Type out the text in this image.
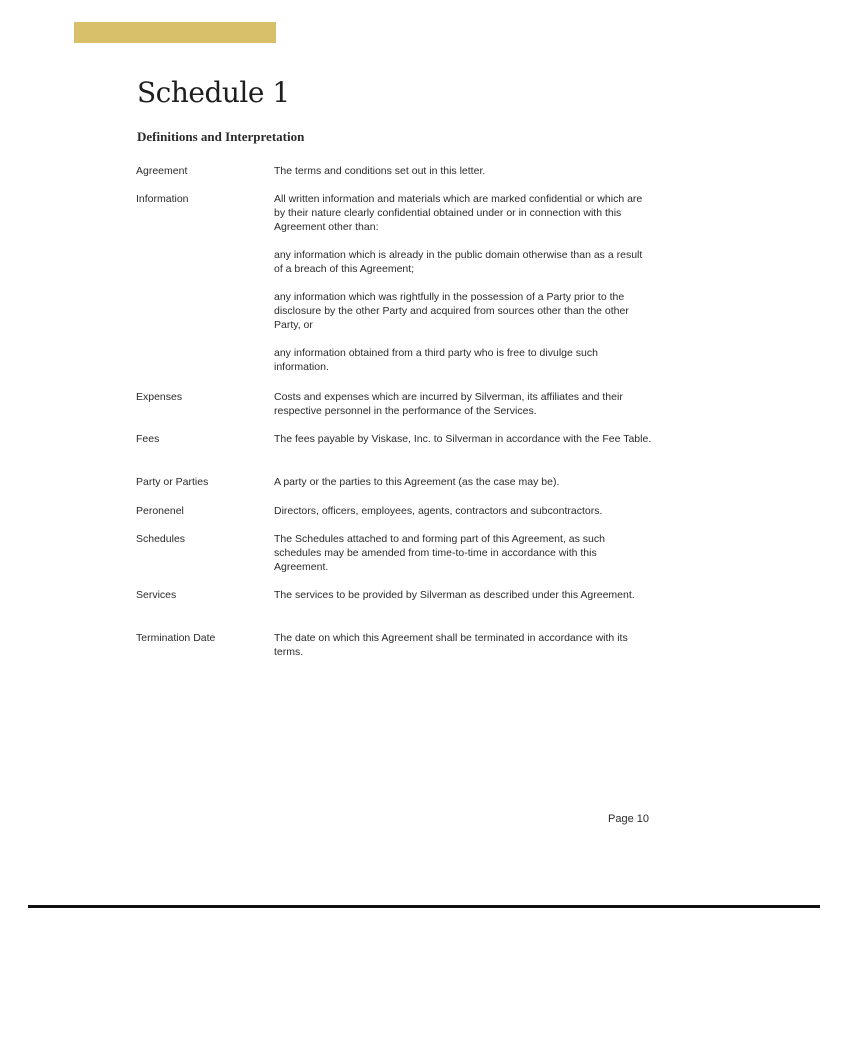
Schedule 1
Definitions and Interpretation
Agreement	The terms and conditions set out in this letter.

Information	All written information and materials which are marked confidential or which are by their nature clearly confidential obtained under or in connection with this Agreement other than:

any information which is already in the public domain otherwise than as a result of a breach of this Agreement;

any information which was rightfully in the possession of a Party prior to the disclosure by the other Party and acquired from sources other than the other Party, or

any information obtained from a third party who is free to divulge such information.

Expenses	Costs and expenses which are incurred by Silverman, its affiliates and their respective personnel in the performance of the Services.

Fees	The fees payable by Viskase, Inc. to Silverman in accordance with the Fee Table.

Party or Parties	A party or the parties to this Agreement (as the case may be).

Peronenel	Directors, officers, employees, agents, contractors and subcontractors.

Schedules	The Schedules attached to and forming part of this Agreement, as such schedules may be amended from time-to-time in accordance with this Agreement.

Services	The services to be provided by Silverman as described under this Agreement.

Termination Date	The date on which this Agreement shall be terminated in accordance with its terms.

Page 10
